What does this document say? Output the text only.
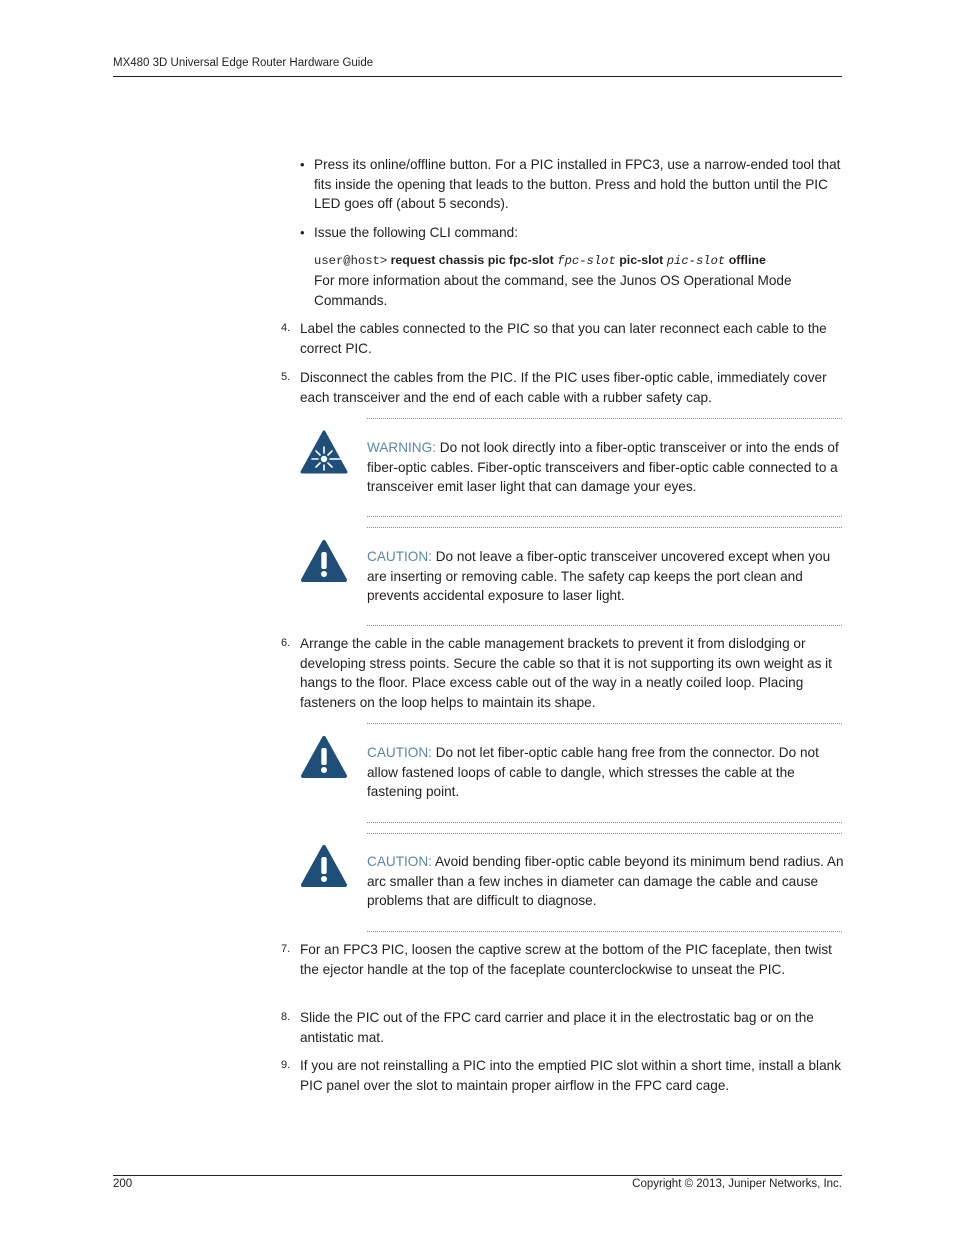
MX480 3D Universal Edge Router Hardware Guide
• Press its online/offline button. For a PIC installed in FPC3, use a narrow-ended tool that fits inside the opening that leads to the button. Press and hold the button until the PIC LED goes off (about 5 seconds).
• Issue the following CLI command:
user@host> request chassis pic fpc-slot fpc-slot pic-slot pic-slot offline
For more information about the command, see the Junos OS Operational Mode Commands.
4. Label the cables connected to the PIC so that you can later reconnect each cable to the correct PIC.
5. Disconnect the cables from the PIC. If the PIC uses fiber-optic cable, immediately cover each transceiver and the end of each cable with a rubber safety cap.
WARNING: Do not look directly into a fiber-optic transceiver or into the ends of fiber-optic cables. Fiber-optic transceivers and fiber-optic cable connected to a transceiver emit laser light that can damage your eyes.
CAUTION: Do not leave a fiber-optic transceiver uncovered except when you are inserting or removing cable. The safety cap keeps the port clean and prevents accidental exposure to laser light.
6. Arrange the cable in the cable management brackets to prevent it from dislodging or developing stress points. Secure the cable so that it is not supporting its own weight as it hangs to the floor. Place excess cable out of the way in a neatly coiled loop. Placing fasteners on the loop helps to maintain its shape.
CAUTION: Do not let fiber-optic cable hang free from the connector. Do not allow fastened loops of cable to dangle, which stresses the cable at the fastening point.
CAUTION: Avoid bending fiber-optic cable beyond its minimum bend radius. An arc smaller than a few inches in diameter can damage the cable and cause problems that are difficult to diagnose.
7. For an FPC3 PIC, loosen the captive screw at the bottom of the PIC faceplate, then twist the ejector handle at the top of the faceplate counterclockwise to unseat the PIC.
8. Slide the PIC out of the FPC card carrier and place it in the electrostatic bag or on the antistatic mat.
9. If you are not reinstalling a PIC into the emptied PIC slot within a short time, install a blank PIC panel over the slot to maintain proper airflow in the FPC card cage.
200	Copyright © 2013, Juniper Networks, Inc.
